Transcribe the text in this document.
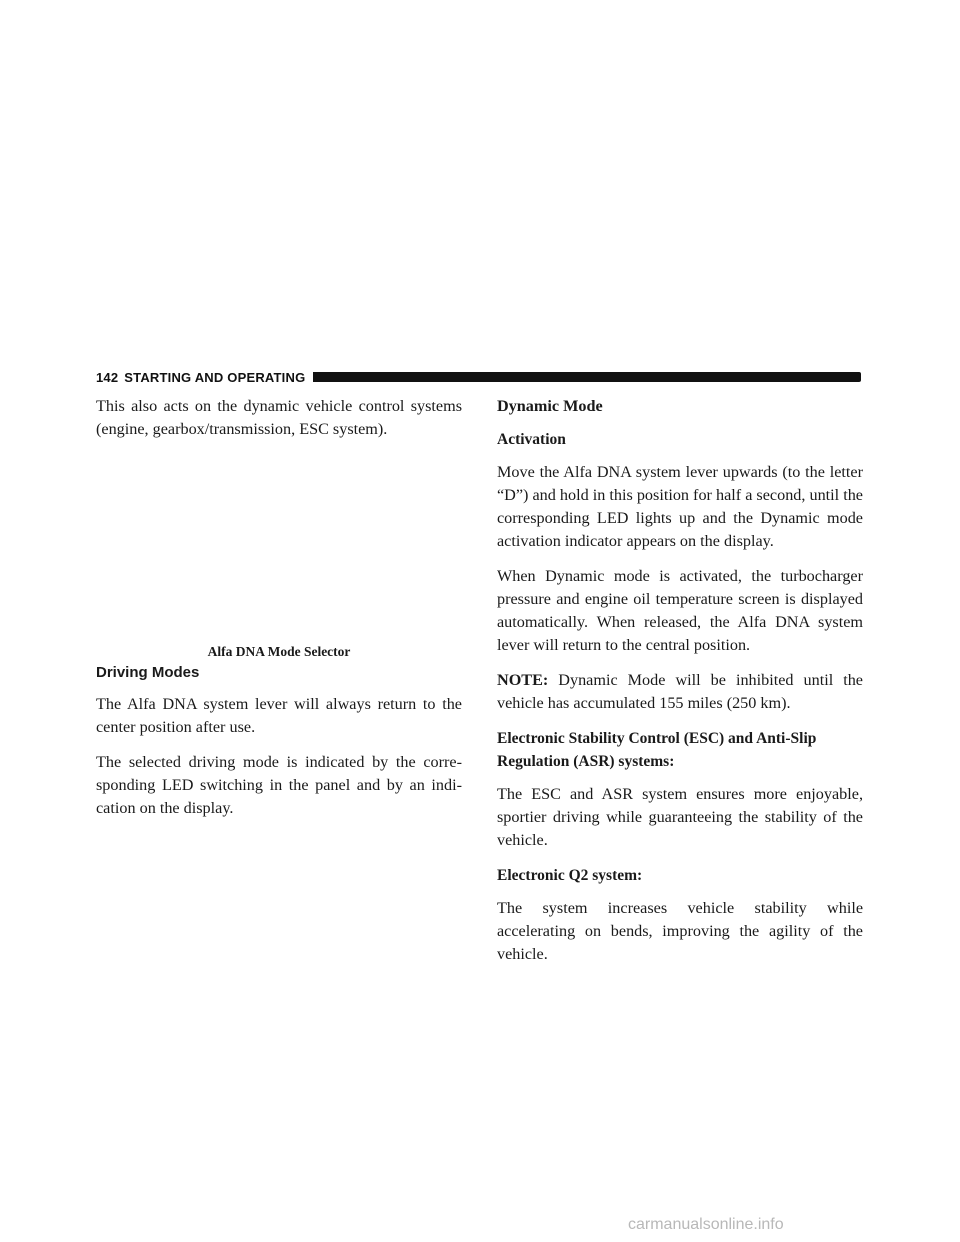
142 STARTING AND OPERATING

This also acts on the dynamic vehicle control systems (engine, gearbox/transmission, ESC system).

Alfa DNA Mode Selector
Driving Modes

The Alfa DNA system lever will always return to the center position after use.

The selected driving mode is indicated by the corre- sponding LED switching in the panel and by an indi- cation on the display.

Dynamic Mode
Activation

Move the Alfa DNA system lever upwards (to the letter “D”) and hold in this position for half a second, until the corresponding LED lights up and the Dynamic mode activation indicator appears on the display.

When Dynamic mode is activated, the turbocharger pressure and engine oil temperature screen is displayed automatically. When released, the Alfa DNA system lever will return to the central position.

NOTE: Dynamic Mode will be inhibited until the vehicle has accumulated 155 miles (250 km).

Electronic Stability Control (ESC) and Anti-Slip Regulation (ASR) systems:

The ESC and ASR system ensures more enjoyable, sportier driving while guaranteeing the stability of the vehicle.

Electronic Q2 system:

The system increases vehicle stability while accelerating on bends, improving the agility of the vehicle.

carmanualsonline.info
